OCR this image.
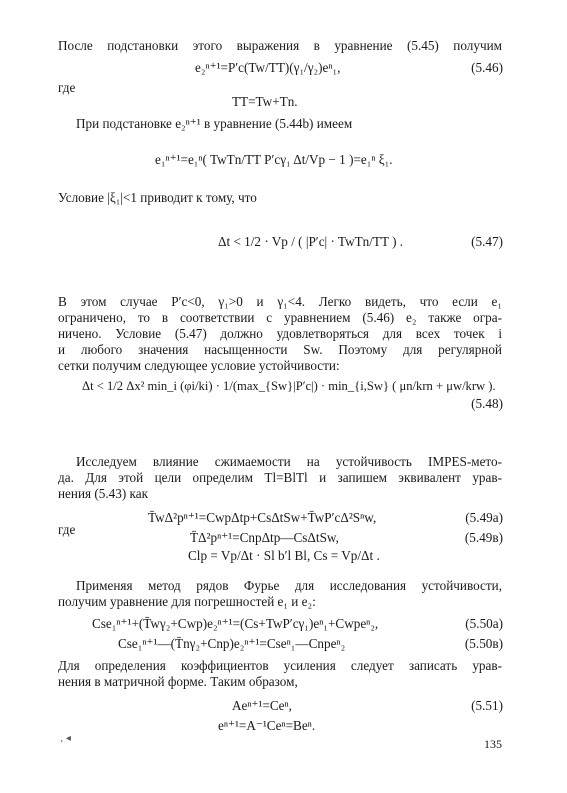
После подстановки этого выражения в уравнение (5.45) получим
где
При подстановке e₂ⁿ⁺¹ в уравнение (5.44b) имеем
Условие |ξ₁|<1 приводит к тому, что
В этом случае P′c<0, γ₁>0 и γ₁<4. Легко видеть, что если e₁
ограничено, то в соответствии с уравнением (5.46) e₂ также огра-
ничено. Условие (5.47) должно удовлетворяться для всех точек i
и любого значения насыщенности Sw. Поэтому для регулярной
сетки получим следующее условие устойчивости:
Исследуем влияние сжимаемости на устойчивость IMPES-мето-
да. Для этой цели определим Tl=BlTl и запишем эквивалент урав-
нения (5.43) как
где
Применяя метод рядов Фурье для исследования устойчивости,
получим уравнение для погрешностей e₁ и e₂:
Для определения коэффициентов усиления следует записать урав-
нения в матричной форме. Таким образом,
e₂ⁿ⁺¹=P′c(Tw/TT)(γ₁/γ₂)eⁿ₁,	(5.46)
TT=Tw+Tn.
e₁ⁿ⁺¹=e₁ⁿ( TwTn/TT P′cγ₁ Δt/Vp − 1 )=e₁ⁿ ξ₁.
Δt < 1/2 · Vp / ( |P′c| · TwTn/TT ) .	(5.47)
Δt < 1/2 Δx² min_i (φi/ki) · 1/(max_{Sw}|P′c|) · min_{i,Sw} ( μn/krn + μw/krw ).
(5.48)
T̄wΔ²pⁿ⁺¹=CwpΔtp+CsΔtSw+T̄wP′cΔ²Sⁿw,	(5.49a)
T̄Δ²pⁿ⁺¹=CnpΔtp—CsΔtSw,	(5.49в)
Clp = Vp/Δt · Sl b′l Bl, Cs = Vp/Δt .
Cse₁ⁿ⁺¹+(T̄wγ₂+Cwp)e₂ⁿ⁺¹=(Cs+TwP′cγ₁)eⁿ₁+Cwpeⁿ₂,	(5.50а)
Cse₁ⁿ⁺¹—(T̄nγ₂+Cnp)e₂ⁿ⁺¹=Cseⁿ₁—Cnpeⁿ₂	(5.50в)
Aeⁿ⁺¹=Ceⁿ,	(5.51)
eⁿ⁺¹=A⁻¹Ceⁿ=Beⁿ.
‚ ◂	135
